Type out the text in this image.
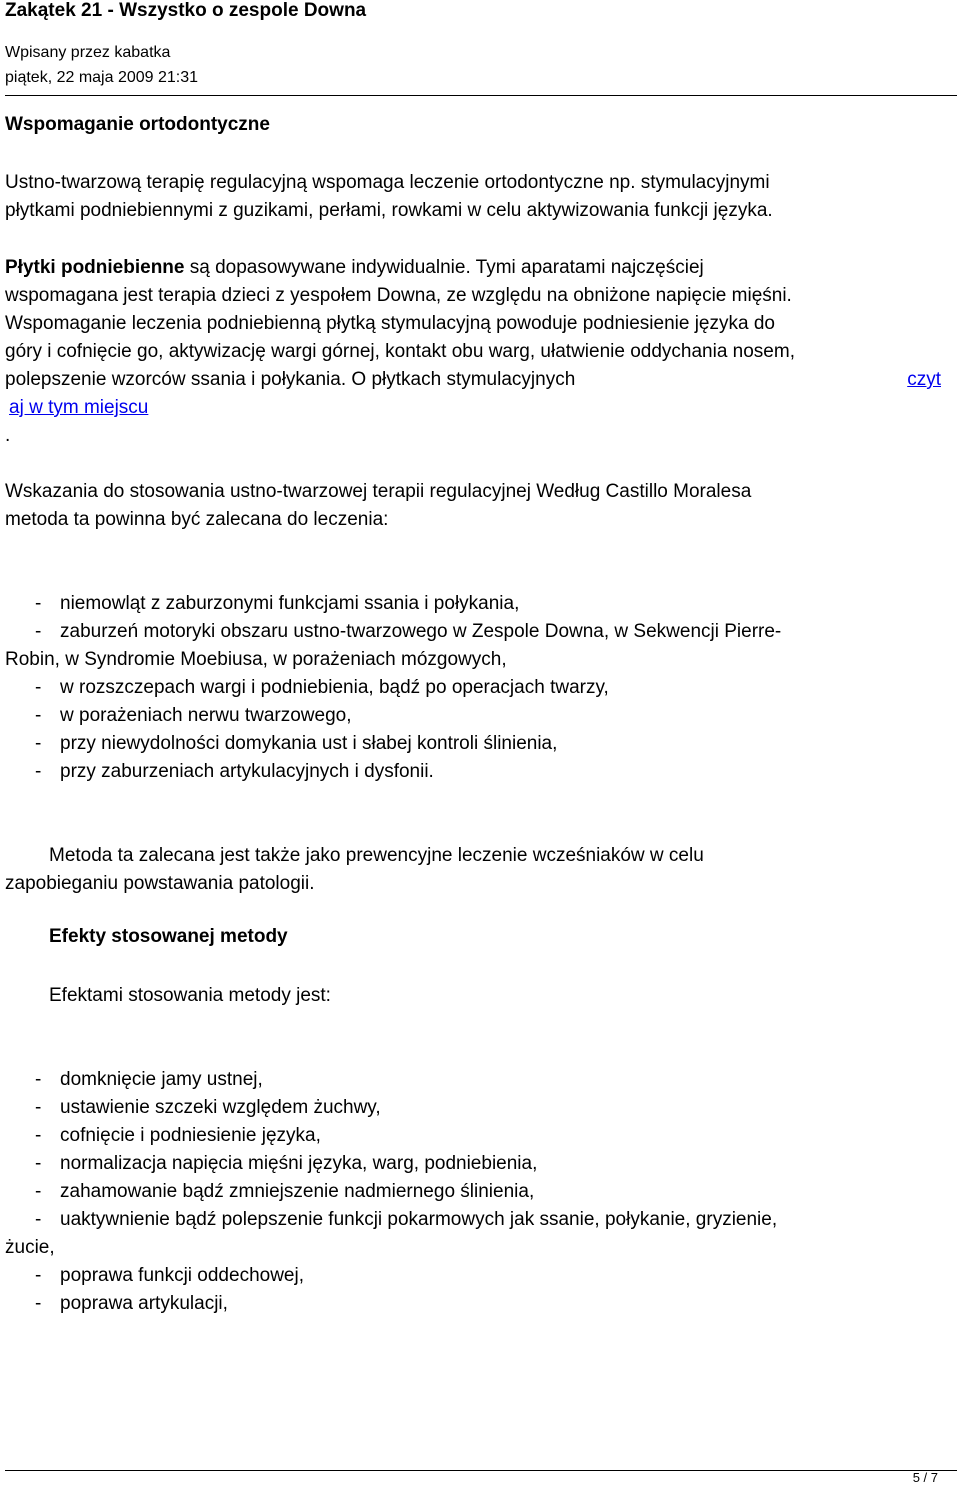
Zakątek 21 - Wszystko o zespole Downa
Wpisany przez kabatka
piątek, 22 maja 2009 21:31
Wspomaganie ortodontyczne

Ustno-twarzową terapię regulacyjną wspomaga leczenie ortodontyczne np. stymulacyjnymi
płytkami podniebiennymi z guzikami, perłami, rowkami w celu aktywizowania funkcji języka.

Płytki podniebienne są dopasowywane indywidualnie. Tymi aparatami najczęściej
wspomagana jest terapia dzieci z yespołem Downa, ze względu na obniżone napięcie mięśni.
Wspomaganie leczenia podniebienną płytką stymulacyjną powoduje podniesienie języka do
góry i cofnięcie go, aktywizację wargi górnej, kontakt obu warg, ułatwienie oddychania nosem,
polepszenie wzorców ssania i połykania. O płytkach stymulacyjnych	czyt
aj w tym miejscu
.

Wskazania do stosowania ustno-twarzowej terapii regulacyjnej Według Castillo Moralesa
metoda ta powinna być zalecana do leczenia:

- niemowląt z zaburzonymi funkcjami ssania i połykania,
- zaburzeń motoryki obszaru ustno-twarzowego w Zespole Downa, w Sekwencji Pierre-
Robin, w Syndromie Moebiusa, w porażeniach mózgowych,
- w rozszczepach wargi i podniebienia, bądź po operacjach twarzy,
- w porażeniach nerwu twarzowego,
- przy niewydolności domykania ust i słabej kontroli ślinienia,
- przy zaburzeniach artykulacyjnych i dysfonii.

Metoda ta zalecana jest także jako prewencyjne leczenie wcześniaków w celu
zapobieganiu powstawania patologii.

Efekty stosowanej metody

Efektami stosowania metody jest:

- domknięcie jamy ustnej,
- ustawienie szczeki względem żuchwy,
- cofnięcie i podniesienie języka,
- normalizacja napięcia mięśni języka, warg, podniebienia,
- zahamowanie bądź zmniejszenie nadmiernego ślinienia,
- uaktywnienie bądź polepszenie funkcji pokarmowych jak ssanie, połykanie, gryzienie,
żucie,
- poprawa funkcji oddechowej,
- poprawa artykulacji,
5 / 7
